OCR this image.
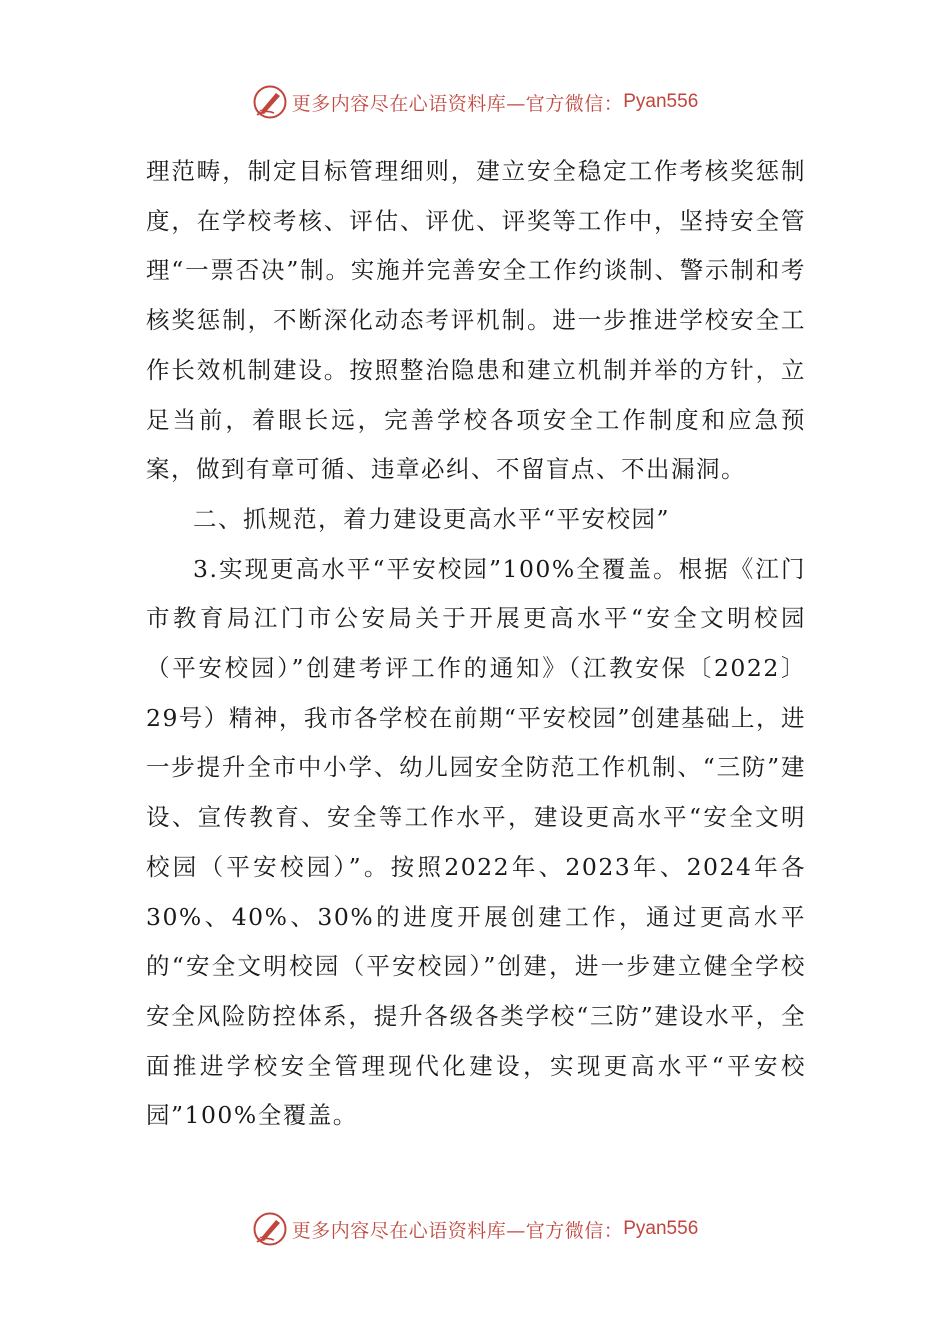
更多内容尽在心语资料库—官方微信： Pyan556

理范畴，制定目标管理细则，建立安全稳定工作考核奖惩制度，在学校考核、评估、评优、评奖等工作中，坚持安全管理“一票否决”制。实施并完善安全工作约谈制、警示制和考核奖惩制，不断深化动态考评机制。进一步推进学校安全工作长效机制建设。按照整治隐患和建立机制并举的方针，立足当前，着眼长远，完善学校各项安全工作制度和应急预案，做到有章可循、违章必纠、不留盲点、不出漏洞。

二、抓规范，着力建设更高水平“平安校园”

3.实现更高水平“平安校园”100%全覆盖。根据《江门市教育局江门市公安局关于开展更高水平“安全文明校园（平安校园）”创建考评工作的通知》（江教安保〔2022〕29号）精神，我市各学校在前期“平安校园”创建基础上，进一步提升全市中小学、幼儿园安全防范工作机制、“三防”建设、宣传教育、安全等工作水平，建设更高水平“安全文明校园（平安校园）”。按照2022年、2023年、2024年各30%、40%、30%的进度开展创建工作，通过更高水平的“安全文明校园（平安校园）”创建，进一步建立健全学校安全风险防控体系，提升各级各类学校“三防”建设水平，全面推进学校安全管理现代化建设，实现更高水平“平安校园”100%全覆盖。

更多内容尽在心语资料库—官方微信： Pyan556
